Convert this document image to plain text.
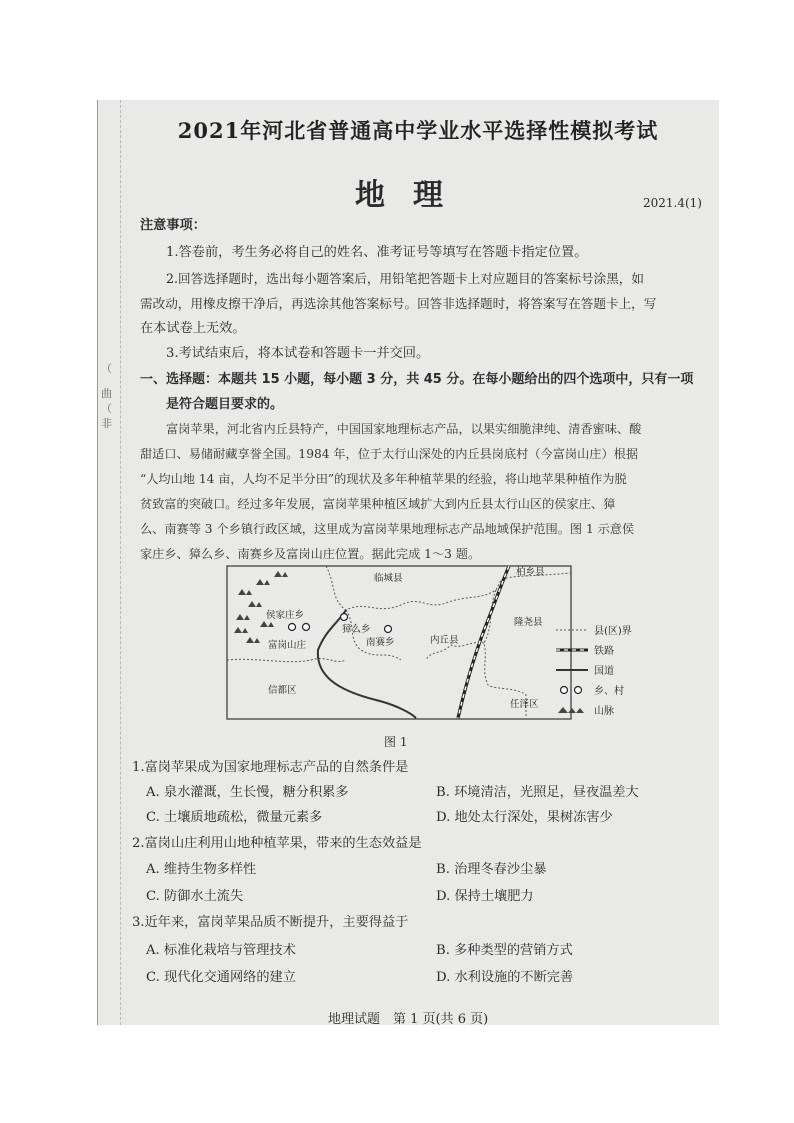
（
曲
（
非
2021年河北省普通高中学业水平选择性模拟考试
地理	2021.4(1)
注意事项：
1.答卷前，考生务必将自己的姓名、准考证号等填写在答题卡指定位置。
2.回答选择题时，选出每小题答案后，用铅笔把答题卡上对应题目的答案标号涂黑，如
需改动，用橡皮擦干净后，再选涂其他答案标号。回答非选择题时，将答案写在答题卡上，写
在本试卷上无效。
3.考试结束后，将本试卷和答题卡一并交回。
一、选择题：本题共 15 小题，每小题 3 分，共 45 分。在每小题给出的四个选项中，只有一项
是符合题目要求的。
富岗苹果，河北省内丘县特产，中国国家地理标志产品，以果实细脆津纯、清香蜜味、酸
甜适口、易储耐藏享誉全国。1984 年，位于太行山深处的内丘县岗底村（今富岗山庄）根据
“人均山地 14 亩，人均不足半分田”的现状及多年种植苹果的经验，将山地苹果种植作为脱
贫致富的突破口。经过多年发展，富岗苹果种植区域扩大到内丘县太行山区的侯家庄、獐
么、南赛等 3 个乡镇行政区域，这里成为富岗苹果地理标志产品地域保护范围。图 1 示意侯
家庄乡、獐么乡、南赛乡及富岗山庄位置。据此完成 1～3 题。
临城县
柏乡县
侯家庄乡
獐么乡
富岗山庄	南赛乡	内丘县
隆尧县
信都区
任泽区
县(区)界
铁路
国道
乡、村
山脉
图 1
1.富岗苹果成为国家地理标志产品的自然条件是
A. 泉水灌溉，生长慢，糖分积累多	B. 环境清洁，光照足，昼夜温差大
C. 土壤质地疏松，微量元素多	D. 地处太行深处，果树冻害少
2.富岗山庄利用山地种植苹果，带来的生态效益是
A. 维持生物多样性	B. 治理冬春沙尘暴
C. 防御水土流失	D. 保持土壤肥力
3.近年来，富岗苹果品质不断提升，主要得益于
A. 标准化栽培与管理技术	B. 多种类型的营销方式
C. 现代化交通网络的建立	D. 水利设施的不断完善
地理试题　第 1 页(共 6 页)
